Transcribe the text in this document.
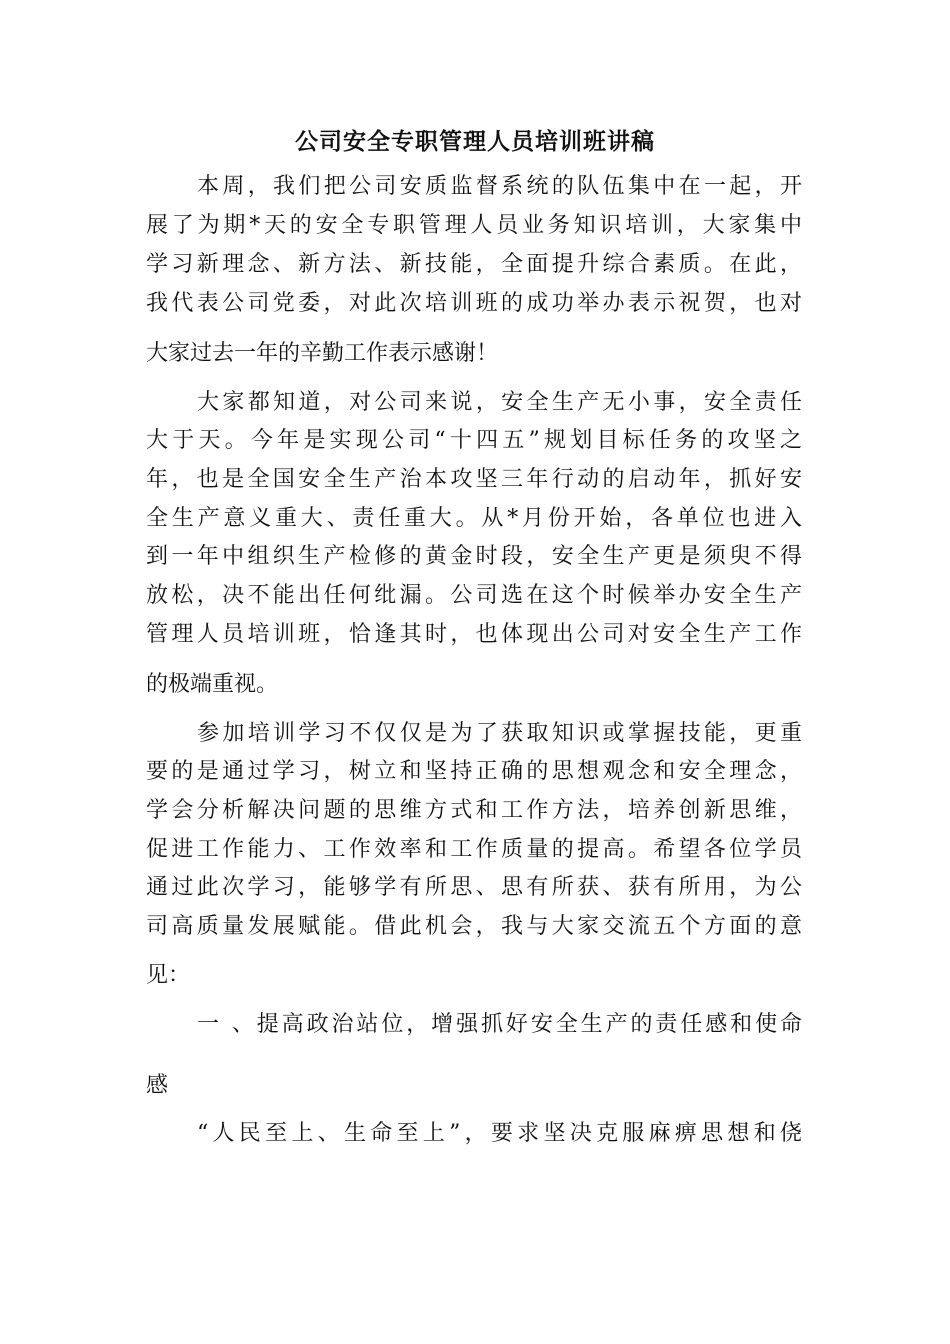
公司安全专职管理人员培训班讲稿
本周，我们把公司安质监督系统的队伍集中在一起，开
展了为期*天的安全专职管理人员业务知识培训，大家集中
学习新理念、新方法、新技能，全面提升综合素质。在此，
我代表公司党委，对此次培训班的成功举办表示祝贺，也对
大家过去一年的辛勤工作表示感谢！
大家都知道，对公司来说，安全生产无小事，安全责任
大于天。今年是实现公司“十四五”规划目标任务的攻坚之
年，也是全国安全生产治本攻坚三年行动的启动年，抓好安
全生产意义重大、责任重大。从*月份开始，各单位也进入
到一年中组织生产检修的黄金时段，安全生产更是须臾不得
放松，决不能出任何纰漏。公司选在这个时候举办安全生产
管理人员培训班，恰逢其时，也体现出公司对安全生产工作
的极端重视。
参加培训学习不仅仅是为了获取知识或掌握技能，更重
要的是通过学习，树立和坚持正确的思想观念和安全理念，
学会分析解决问题的思维方式和工作方法，培养创新思维，
促进工作能力、工作效率和工作质量的提高。希望各位学员
通过此次学习，能够学有所思、思有所获、获有所用，为公
司高质量发展赋能。借此机会，我与大家交流五个方面的意
见：
一 、提高政治站位，增强抓好安全生产的责任感和使命
感
“人民至上、生命至上”，要求坚决克服麻痹思想和侥
